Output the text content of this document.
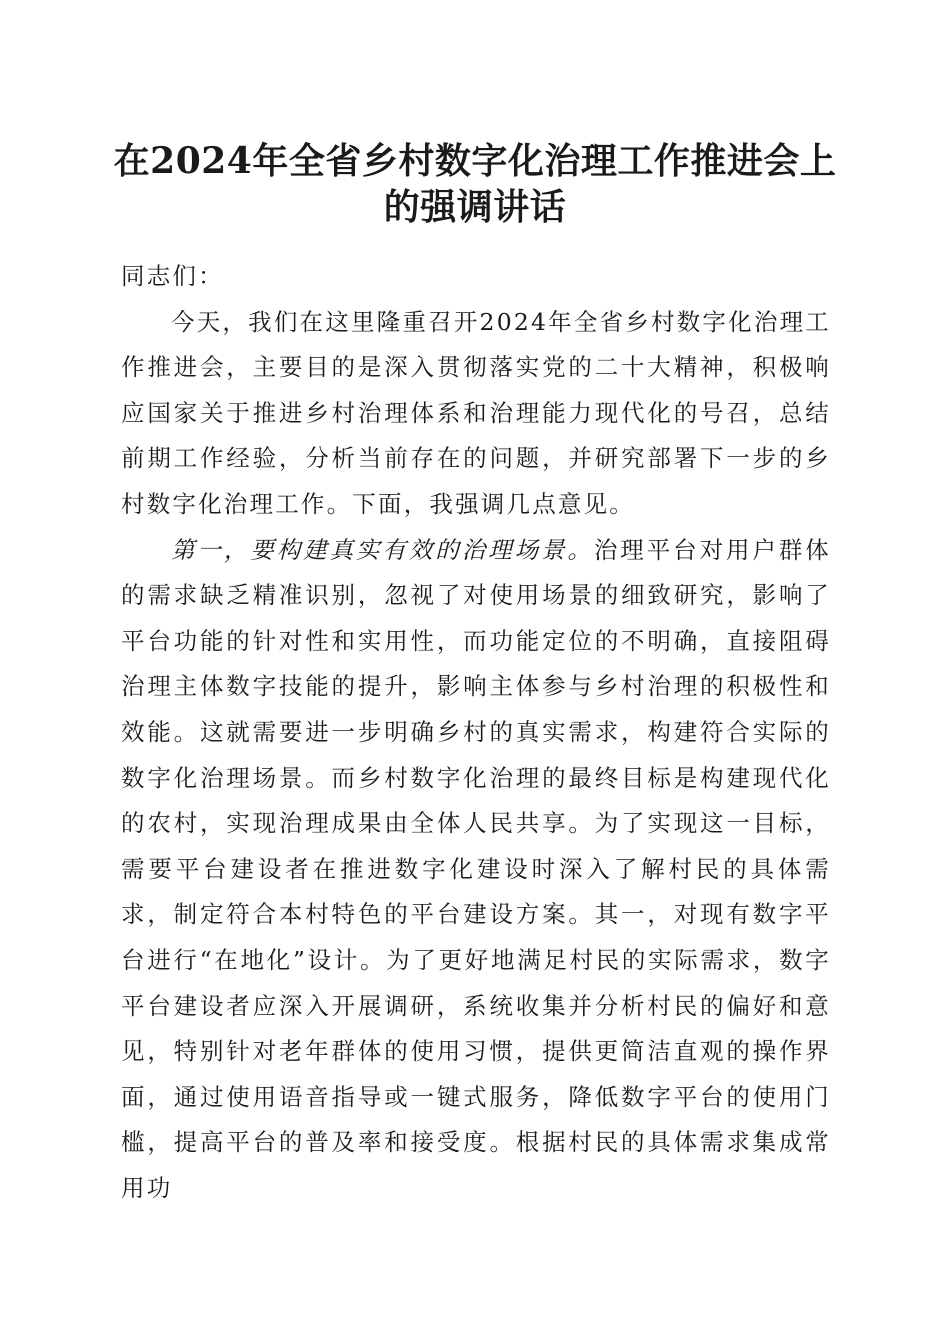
在2024年全省乡村数字化治理工作推进会上
的强调讲话

同志们：

今天，我们在这里隆重召开2024年全省乡村数字化治理工作推进会，主要目的是深入贯彻落实党的二十大精神，积极响应国家关于推进乡村治理体系和治理能力现代化的号召，总结前期工作经验，分析当前存在的问题，并研究部署下一步的乡村数字化治理工作。下面，我强调几点意见。

第一，要构建真实有效的治理场景。治理平台对用户群体的需求缺乏精准识别，忽视了对使用场景的细致研究，影响了平台功能的针对性和实用性，而功能定位的不明确，直接阻碍治理主体数字技能的提升，影响主体参与乡村治理的积极性和效能。这就需要进一步明确乡村的真实需求，构建符合实际的数字化治理场景。而乡村数字化治理的最终目标是构建现代化的农村，实现治理成果由全体人民共享。为了实现这一目标，需要平台建设者在推进数字化建设时深入了解村民的具体需求，制定符合本村特色的平台建设方案。其一，对现有数字平台进行“在地化”设计。为了更好地满足村民的实际需求，数字平台建设者应深入开展调研，系统收集并分析村民的偏好和意见，特别针对老年群体的使用习惯，提供更简洁直观的操作界面，通过使用语音指导或一键式服务，降低数字平台的使用门槛，提高平台的普及率和接受度。根据村民的具体需求集成常用功
